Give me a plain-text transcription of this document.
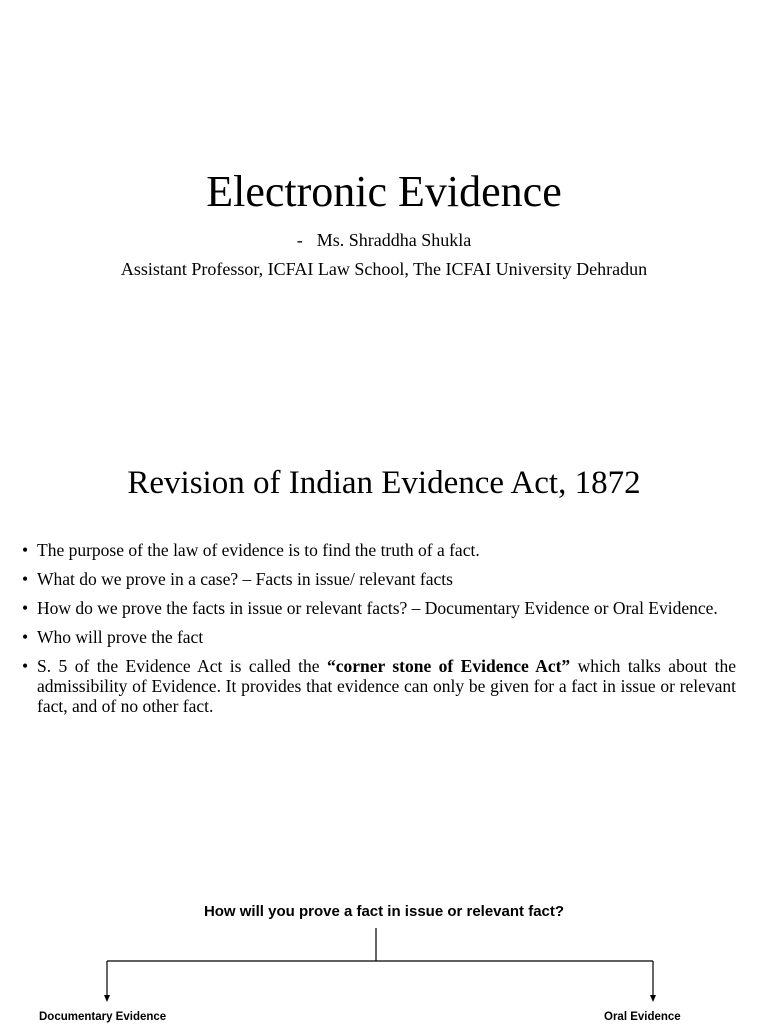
Electronic Evidence
- Ms. Shraddha Shukla
Assistant Professor, ICFAI Law School, The ICFAI University Dehradun
Revision of Indian Evidence Act, 1872
• The purpose of the law of evidence is to find the truth of a fact.
• What do we prove in a case? – Facts in issue/ relevant facts
• How do we prove the facts in issue or relevant facts? – Documentary Evidence or Oral Evidence.
• Who will prove the fact
• S. 5 of the Evidence Act is called the “corner stone of Evidence Act” which talks about the admissibility of Evidence. It provides that evidence can only be given for a fact in issue or relevant fact, and of no other fact.
How will you prove a fact in issue or relevant fact?
Documentary Evidence	Oral Evidence
